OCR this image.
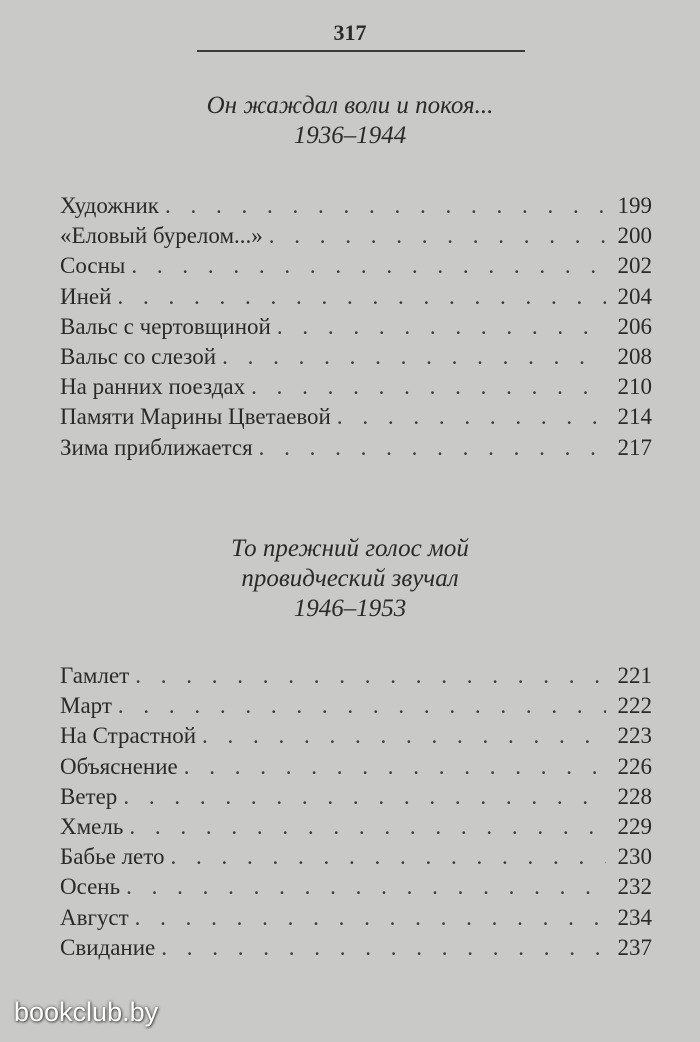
317
Он жаждал воли и покоя...
1936–1944
Художник . . .	199
«Еловый бурелом...» . . .	200
Сосны . . .	202
Иней . . .	204
Вальс с чертовщиной . . .	206
Вальс со слезой . . .	208
На ранних поездах . . .	210
Памяти Марины Цветаевой . . .	214
Зима приближается . . .	217
То прежний голос мой
провидческий звучал
1946–1953
Гамлет . . .	221
Март . . .	222
На Страстной . . .	223
Объяснение . . .	226
Ветер . . .	228
Хмель . . .	229
Бабье лето . . .	230
Осень . . .	232
Август . . .	234
Свидание . . .	237
bookclub.by
